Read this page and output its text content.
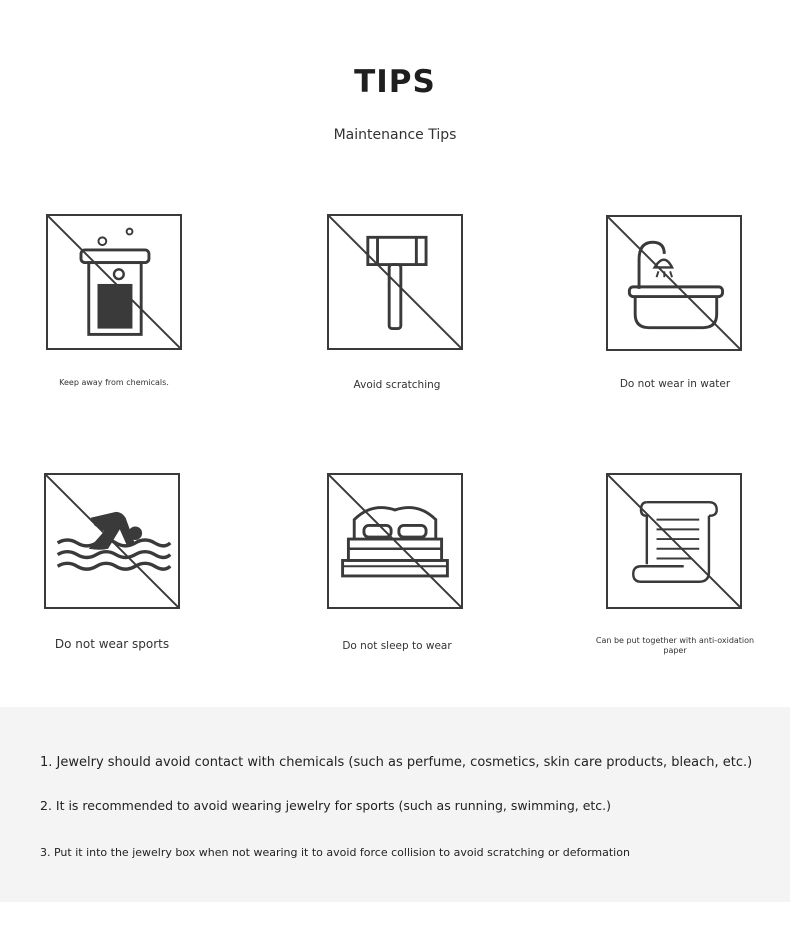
TIPS
Maintenance Tips
Keep away from chemicals.	Avoid scratching	Do not wear in water
Do not wear sports	Do not sleep to wear	Can be put together with anti-oxidation paper
1. Jewelry should avoid contact with chemicals (such as perfume, cosmetics, skin care products, bleach, etc.)
2. It is recommended to avoid wearing jewelry for sports (such as running, swimming, etc.)
3. Put it into the jewelry box when not wearing it to avoid force collision to avoid scratching or deformation
